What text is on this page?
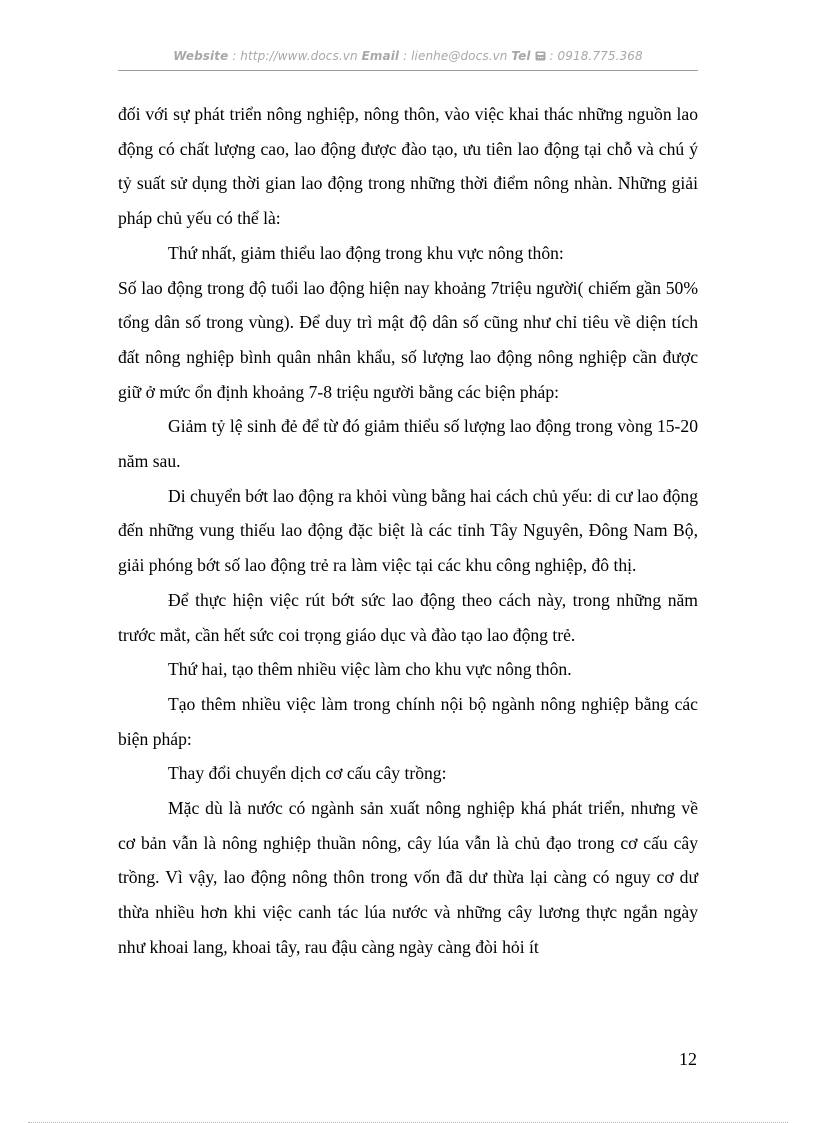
Website : http://www.docs.vn Email : lienhe@docs.vn Tel : 0918.775.368

đối với sự phát triển nông nghiệp, nông thôn, vào việc khai thác những nguồn lao động có chất lượng cao, lao động được đào tạo, ưu tiên lao động tại chỗ và chú ý tỷ suất sử dụng thời gian lao động trong những thời điểm nông nhàn. Những giải pháp chủ yếu có thể là:

Thứ nhất, giảm thiểu lao động trong khu vực nông thôn:

Số lao động trong độ tuổi lao động hiện nay khoảng 7triệu người( chiếm gần 50% tổng dân số trong vùng). Để duy trì mật độ dân số cũng như chỉ tiêu về diện tích đất nông nghiệp bình quân nhân khẩu, số lượng lao động nông nghiệp cần được giữ ở mức ổn định khoảng 7-8 triệu người bằng các biện pháp:

Giảm tỷ lệ sinh đẻ để từ đó giảm thiểu số lượng lao động trong vòng 15-20 năm sau.

Di chuyển bớt lao động ra khỏi vùng bằng hai cách chủ yếu: di cư lao động đến những vung thiếu lao động đặc biệt là các tỉnh Tây Nguyên, Đông Nam Bộ, giải phóng bớt số lao động trẻ ra làm việc tại các khu công nghiệp, đô thị.

Để thực hiện việc rút bớt sức lao động theo cách này, trong những năm trước mắt, cần hết sức coi trọng giáo dục và đào tạo lao động trẻ.

Thứ hai, tạo thêm nhiều việc làm cho khu vực nông thôn.

Tạo thêm nhiều việc làm trong chính nội bộ ngành nông nghiệp bằng các biện pháp:

Thay đổi chuyển dịch cơ cấu cây trồng:

Mặc dù là nước có ngành sản xuất nông nghiệp khá phát triển, nhưng về cơ bản vẫn là nông nghiệp thuần nông, cây lúa vẫn là chủ đạo trong cơ cấu cây trồng. Vì vậy, lao động nông thôn trong vốn đã dư thừa lại càng có nguy cơ dư thừa nhiều hơn khi việc canh tác lúa nước và những cây lương thực ngắn ngày như khoai lang, khoai tây, rau đậu càng ngày càng đòi hỏi ít

12
